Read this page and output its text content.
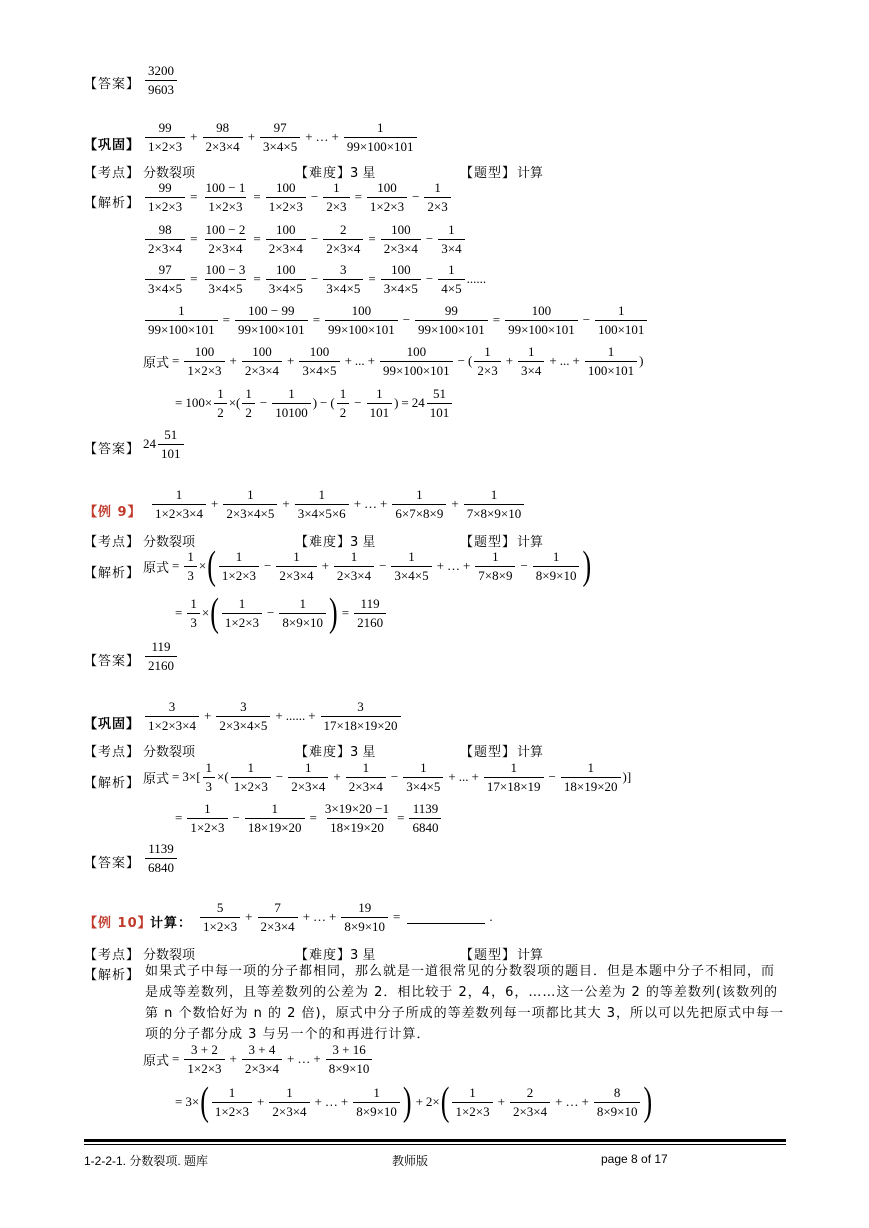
【答案】 $\frac{3200}{9603}$
【巩固】 $\frac{99}{1\times 2\times 3} + \frac{98}{2\times 3\times 4} + \frac{97}{3\times 4\times 5}$ + … + $\frac{1}{99\times 100\times 101}$
【考点】 分数裂项	【难度】
3 星	【题型】 计算
【解析】 $\frac{99}{1\times 2\times 3} = \frac{100 - 1}{1\times 2\times 3} = \frac{100}{1\times 2\times 3} - \frac{1}{2\times 3} = \frac{100}{1\times 2\times 3} - \frac{1}{2\times 3}$
$\frac{98}{2\times 3\times 4} = \frac{100 - 2}{2\times 3\times 4} = \frac{100}{2\times 3\times 4} - \frac{2}{2\times 3\times 4} = \frac{100}{2\times 3\times 4} - \frac{1}{3\times 4}$
$\frac{97}{3\times 4\times 5} = \frac{100 - 3}{3\times 4\times 5} = \frac{100}{3\times 4\times 5} - \frac{3}{3\times 4\times 5} = \frac{100}{3\times 4\times 5} - \frac{1}{4\times 5}$ ......
$\frac{1}{99\times 100\times 101} = \frac{100 - 99}{99\times 100\times 101} = \frac{100}{99\times 100\times 101} - \frac{99}{99\times 100\times 101} = \frac{100}{99\times 100\times 101} - \frac{1}{100\times 101}$
原式 = $\frac{100}{1\times 2\times 3} + \frac{100}{2\times 3\times 4} + \frac{100}{3\times 4\times 5}$ + ... + $\frac{100}{99\times 100\times 101}$ − ( $\frac{1}{2\times 3} + \frac{1}{3\times 4}$ + ... + $\frac{1}{100\times 101}$ )
= $100\times \frac{1}{2}$ ×( $\frac{1}{2} - \frac{1}{10100}$ ) − ( $\frac{1}{2} - \frac{1}{101}$ ) = $24 \frac{51}{101}$
【答案】 $24 \frac{51}{101}$
【例 9】 $\frac{1}{1\times 2\times 3\times 4} + \frac{1}{2\times 3\times 4\times 5} + \frac{1}{3\times 4\times 5\times 6}$ + … + $\frac{1}{6\times 7\times 8\times 9} + \frac{1}{7\times 8\times 9\times 10}$
【考点】 分数裂项	【难度】
3 星	【题型】 计算
【解析】 原式 = $\frac{1}{3}$ × ( $\frac{1}{1\times 2\times 3} - \frac{1}{2\times 3\times 4} + \frac{1}{2\times 3\times 4} - \frac{1}{3\times 4\times 5}$ + … + $\frac{1}{7\times 8\times 9} - \frac{1}{8\times 9\times 10}$ )
= $\frac{1}{3}$ × ( $\frac{1}{1\times 2\times 3} - \frac{1}{8\times 9\times 10}$ ) = $\frac{119}{2160}$
【答案】 $\frac{119}{2160}$
【巩固】 $\frac{3}{1\times 2\times 3\times 4} + \frac{3}{2\times 3\times 4\times 5}$ + ...... + $\frac{3}{17\times 18\times 19\times 20}$
【考点】 分数裂项	【难度】
3 星	【题型】 计算
【解析】 原式 = $3\times[ \frac{1}{3}$ ×( $\frac{1}{1\times 2\times 3} - \frac{1}{2\times 3\times 4} + \frac{1}{2\times 3\times 4} - \frac{1}{3\times 4\times 5}$ + ... + $\frac{1}{17\times 18\times 19} - \frac{1}{18\times 19\times 20}$ )]
= $\frac{1}{1\times 2\times 3} - \frac{1}{18\times 19\times 20} = \frac{3\times 19\times 20 -1}{18\times 19\times 20} = \frac{1139}{6840}$
【答案】 $\frac{1139}{6840}$
【例 10】
计算： $\frac{5}{1\times 2\times 3} + \frac{7}{2\times 3\times 4}$ + … + $\frac{19}{8\times 9\times 10}$ =	.
【考点】 分数裂项	【难度】
3 星	【题型】 计算
【解析】 如果式子中每一项的分子都相同，那么就是一道很常见的分数裂项的题目．但是本题中分子不相同，而是成等差数列，且等差数列的公差为 2．相比较于 2，4，6，……这一公差为 2 的等差数列(该数列的第 n 个数恰好为 n 的 2 倍)，原式中分子所成的等差数列每一项都比其大 3，所以可以先把原式中每一项的分子都分成 3 与另一个的和再进行计算．
原式 = $\frac{3 + 2}{1\times 2\times 3} + \frac{3 + 4}{2\times 3\times 4}$ + … + $\frac{3 + 16}{8\times 9\times 10}$
= 3× ( $\frac{1}{1\times 2\times 3} + \frac{1}{2\times 3\times 4}$ + … + $\frac{1}{8\times 9\times 10}$ ) + 2× ( $\frac{1}{1\times 2\times 3} + \frac{2}{2\times 3\times 4}$ + … + $\frac{8}{8\times 9\times 10}$ )
1-2-2-1. 分数裂项. 题库	教师版	page 8 of 17
